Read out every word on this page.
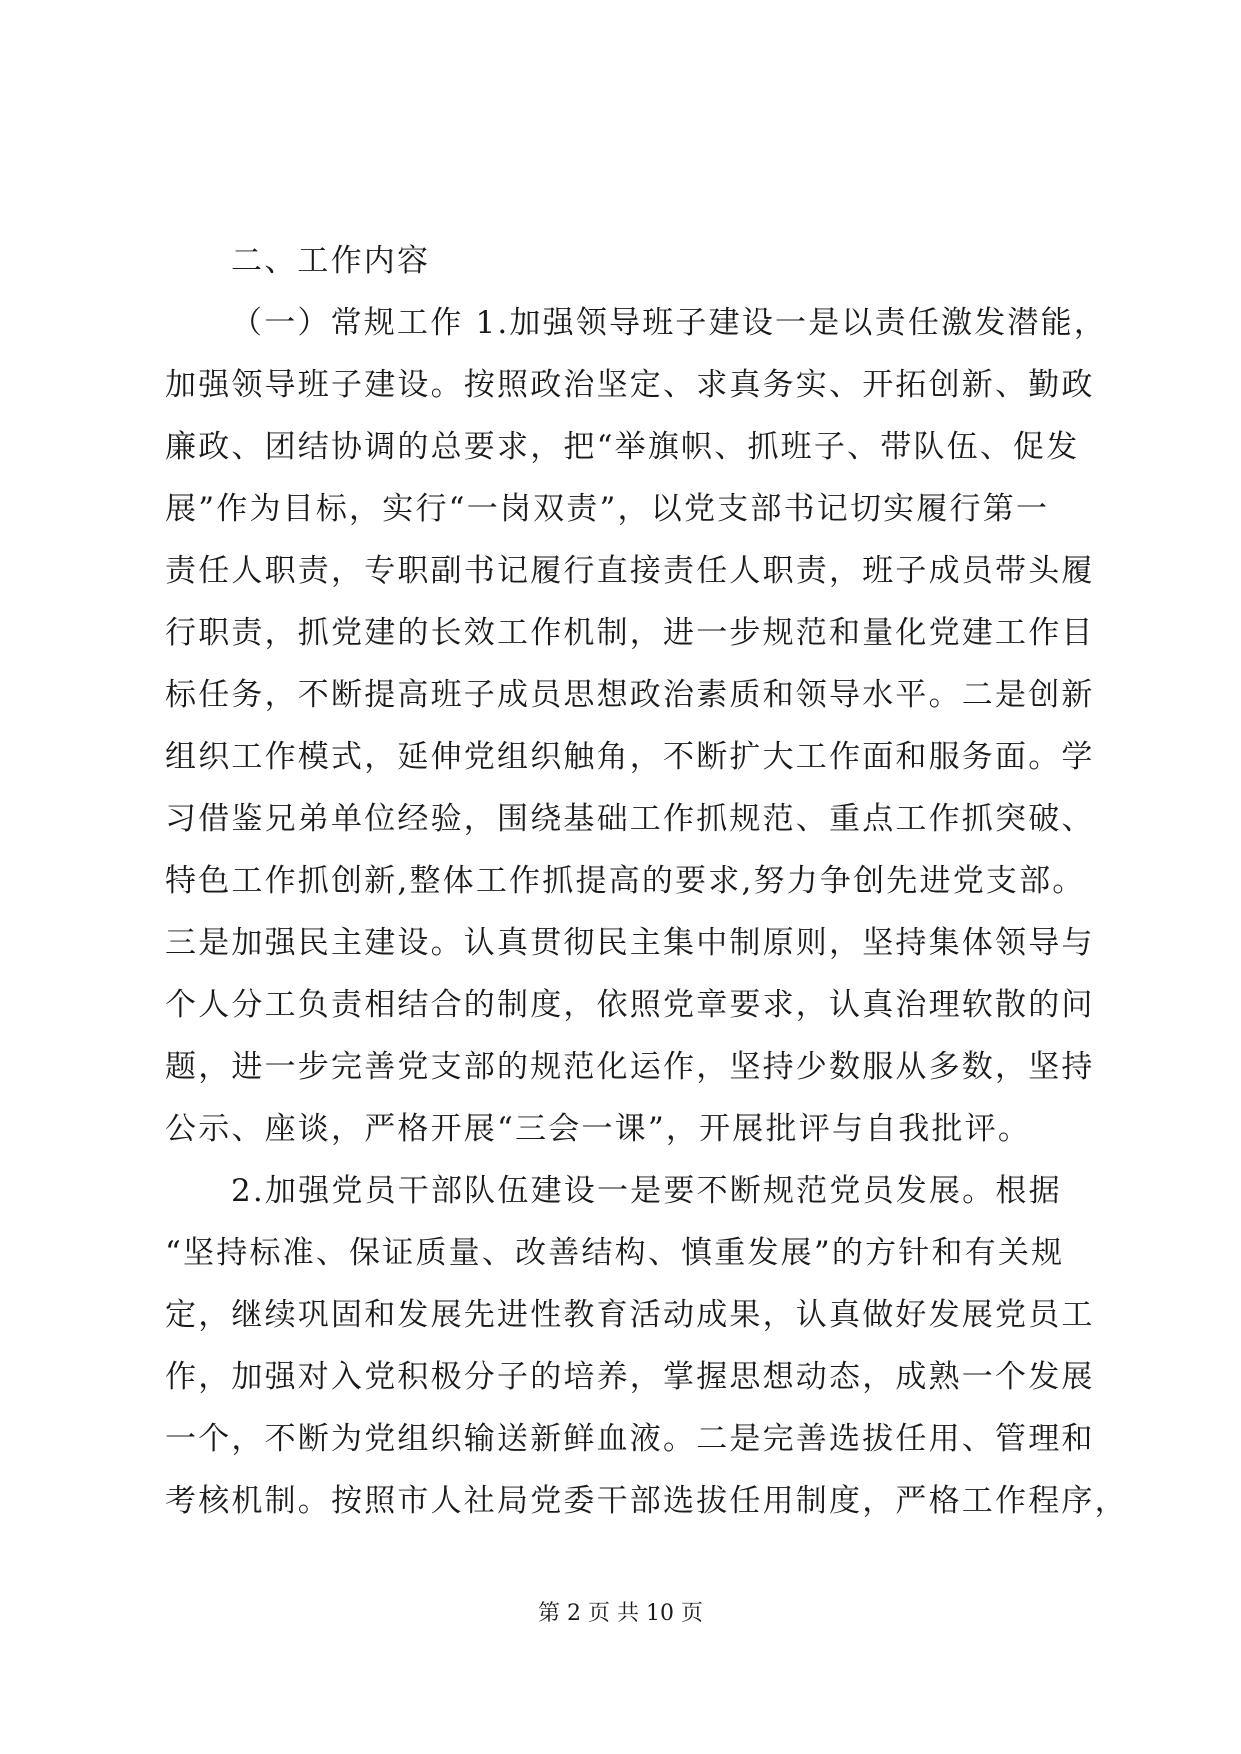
二、工作内容
（一）常规工作 1.加强领导班子建设一是以责任激发潜能，
加强领导班子建设。按照政治坚定、求真务实、开拓创新、勤政
廉政、团结协调的总要求，把“举旗帜、抓班子、带队伍、促发
展”作为目标，实行“一岗双责”，以党支部书记切实履行第一
责任人职责，专职副书记履行直接责任人职责，班子成员带头履
行职责，抓党建的长效工作机制，进一步规范和量化党建工作目
标任务，不断提高班子成员思想政治素质和领导水平。二是创新
组织工作模式，延伸党组织触角，不断扩大工作面和服务面。学
习借鉴兄弟单位经验，围绕基础工作抓规范、重点工作抓突破、
特色工作抓创新,整体工作抓提高的要求,努力争创先进党支部。
三是加强民主建设。认真贯彻民主集中制原则，坚持集体领导与
个人分工负责相结合的制度，依照党章要求，认真治理软散的问
题，进一步完善党支部的规范化运作，坚持少数服从多数，坚持
公示、座谈，严格开展“三会一课”，开展批评与自我批评。
2.加强党员干部队伍建设一是要不断规范党员发展。根据
“坚持标准、保证质量、改善结构、慎重发展”的方针和有关规
定，继续巩固和发展先进性教育活动成果，认真做好发展党员工
作，加强对入党积极分子的培养，掌握思想动态，成熟一个发展
一个，不断为党组织输送新鲜血液。二是完善选拔任用、管理和
考核机制。按照市人社局党委干部选拔任用制度，严格工作程序，
第 2 页 共 10 页
